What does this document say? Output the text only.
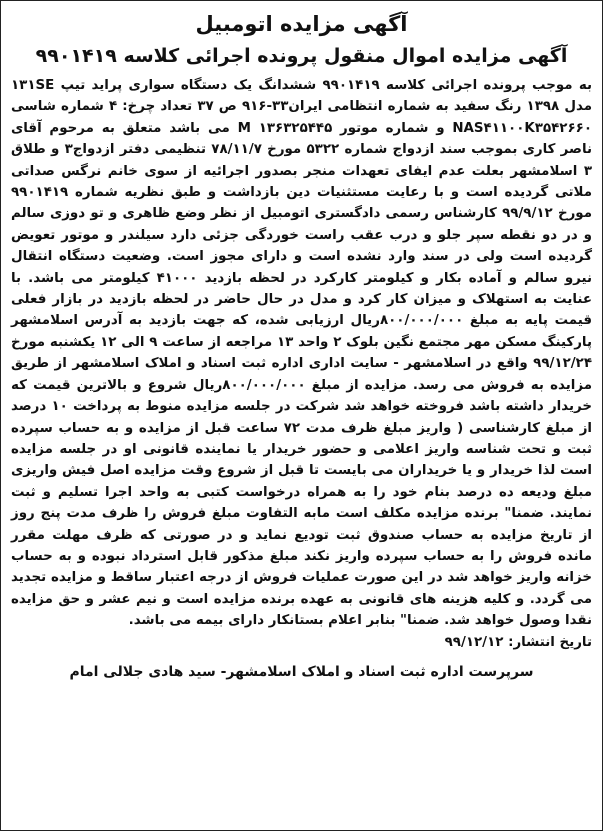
آگهی مزایده اتومبیل
آگهی مزایده اموال منقول پرونده اجرائی کلاسه ۹۹۰۱۴۱۹

به موجب پرونده اجرائی کلاسه ۹۹۰۱۴۱۹ ششدانگ یک دستگاه سواری پراید تیپ ۱۳۱SE مدل ۱۳۹۸ رنگ سفید به شماره انتظامی ایران۳۳-۹۱۶ ص ۳۷ تعداد چرخ: ۴ شماره شاسی NAS۴۱۱۰۰K۳۵۴۲۶۶۰ و شماره موتور M ۱۳۶۳۲۵۴۴۵ می باشد متعلق به مرحوم آقای ناصر کاری بموجب سند ازدواج شماره ۵۳۲۲ مورخ ۷۸/۱۱/۷ تنظیمی دفتر ازدواج۳ و طلاق ۳ اسلامشهر بعلت عدم ایفای تعهدات منجر بصدور اجرائیه از سوی خانم نرگس صداتی ملاتی گردیده است و با رعایت مستثنیات دین بازداشت و طبق نظریه شماره ۹۹۰۱۴۱۹ مورخ ۹۹/۹/۱۲ کارشناس رسمی دادگستری اتومبیل از نظر وضع ظاهری و تو دوزی سالم و در دو نقطه سپر جلو و درب عقب راست خوردگی جزئی دارد سیلندر و موتور تعویض گردیده است ولی در سند وارد نشده است و دارای مجوز است. وضعیت دستگاه انتقال نیرو سالم و آماده بکار و کیلومتر کارکرد در لحظه بازدید ۴۱۰۰۰ کیلومتر می باشد. با عنایت به استهلاک و میزان کار کرد و مدل در حال حاضر در لحظه بازدید در بازار فعلی قیمت پایه به مبلغ ۸۰۰/۰۰۰/۰۰۰ریال ارزیابی شده، که جهت بازدید به آدرس اسلامشهر پارکینگ مسکن مهر مجتمع نگین بلوک ۲ واحد ۱۳ مراجعه از ساعت ۹ الی ۱۲ یکشنبه مورخ ۹۹/۱۲/۲۴ واقع در اسلامشهر - سایت اداری اداره ثبت اسناد و املاک اسلامشهر از طریق مزایده به فروش می رسد. مزایده از مبلغ ۸۰۰/۰۰۰/۰۰۰ریال شروع و بالاترین قیمت که خریدار داشته باشد فروخته خواهد شد شرکت در جلسه مزایده منوط به پرداخت ۱۰ درصد از مبلغ کارشناسی ( واریز مبلغ ظرف مدت ۷۲ ساعت قبل از مزایده و به حساب سپرده ثبت و تحت شناسه واریز اعلامی و حضور خریدار یا نماینده قانونی او در جلسه مزایده است لذا خریدار و یا خریداران می بایست تا قبل از شروع وقت مزایده اصل فیش واریزی مبلغ ودیعه ده درصد بنام خود را به همراه درخواست کتبی به واحد اجرا تسلیم و ثبت نمایند. ضمنا" برنده مزایده مکلف است مابه التفاوت مبلغ فروش را ظرف مدت پنج روز از تاریخ مزایده به حساب صندوق ثبت تودیع نماید و در صورتی که ظرف مهلت مقرر مانده فروش را به حساب سپرده واریز نکند مبلغ مذکور قابل استرداد نبوده و به حساب خزانه واریز خواهد شد در این صورت عملیات فروش از درجه اعتبار ساقط و مزایده تجدید می گردد. و کلیه هزینه های قانونی به عهده برنده مزایده است و نیم عشر و حق مزایده نقدا وصول خواهد شد. ضمنا" بنابر اعلام بستانکار دارای بیمه می باشد.

تاریخ انتشار: ۹۹/۱۲/۱۲

سرپرست اداره ثبت اسناد و املاک اسلامشهر- سید هادی جلالی امام
